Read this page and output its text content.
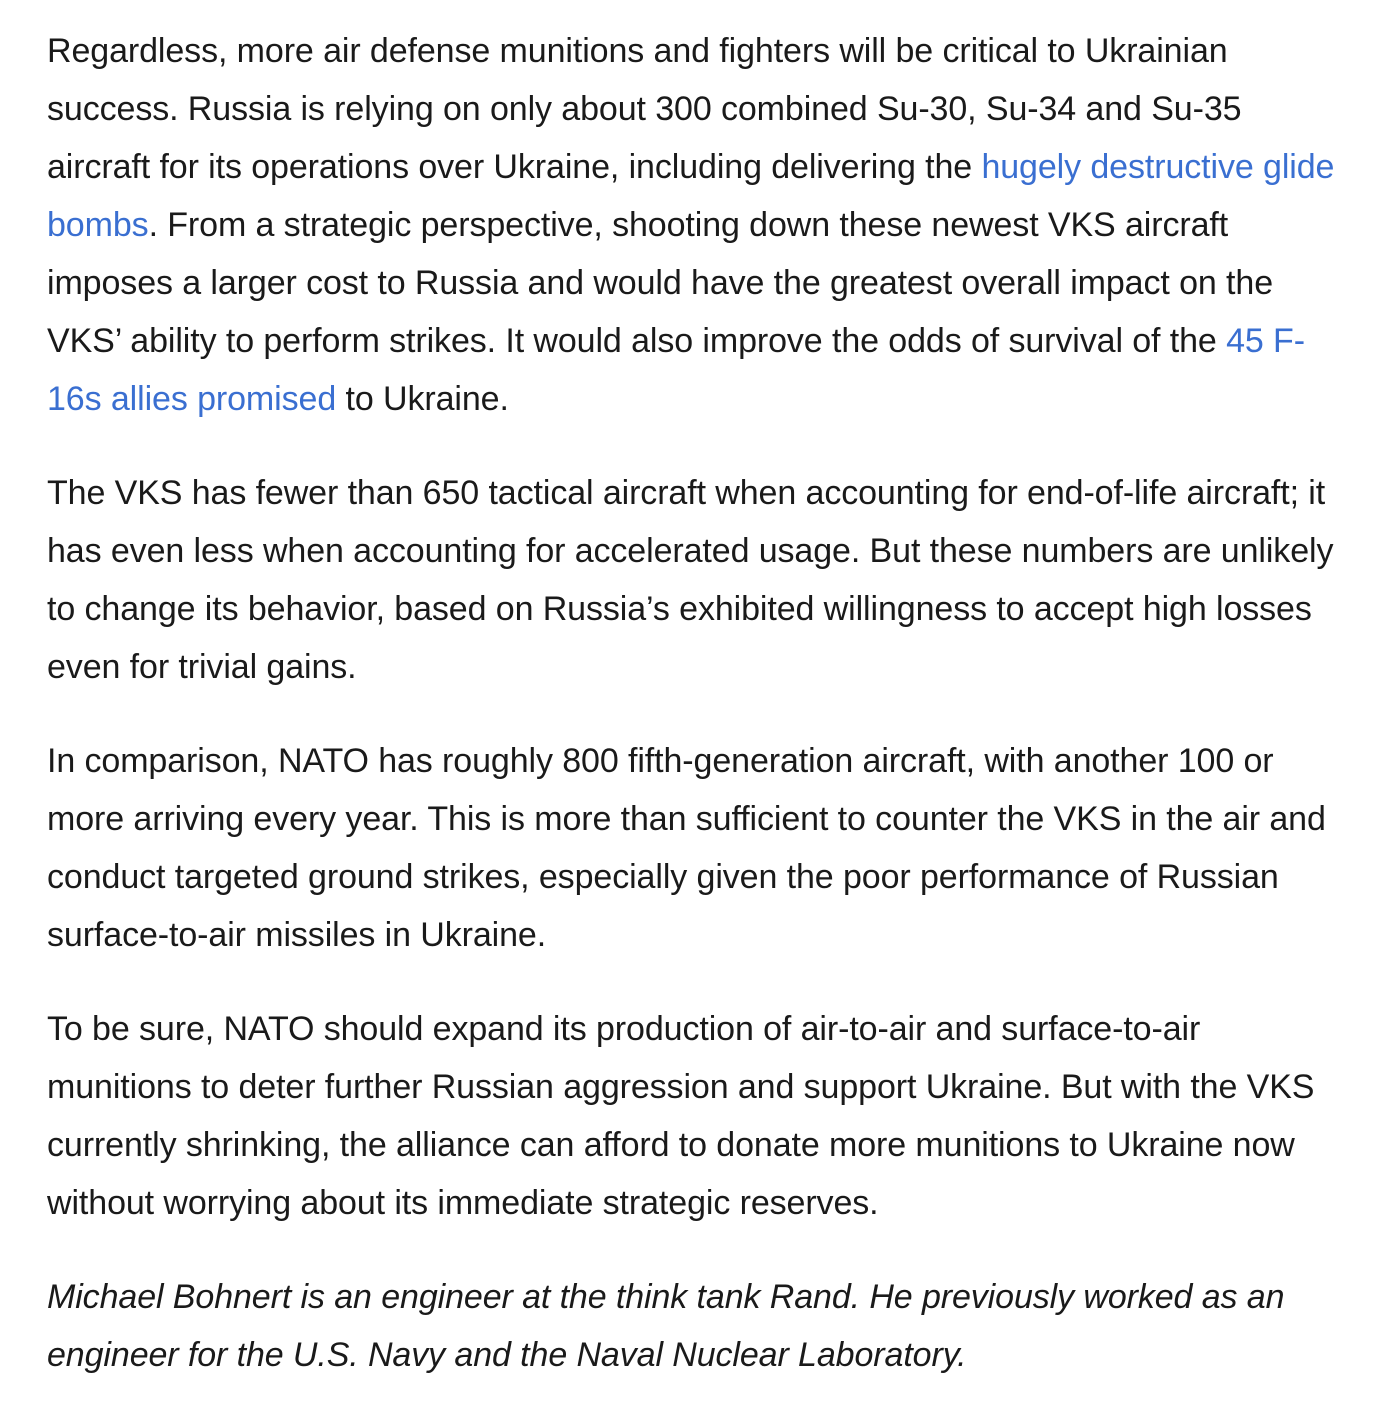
Regardless, more air defense munitions and fighters will be critical to Ukrainian success. Russia is relying on only about 300 combined Su-30, Su-34 and Su-35 aircraft for its operations over Ukraine, including delivering the hugely destructive glide bombs. From a strategic perspective, shooting down these newest VKS aircraft imposes a larger cost to Russia and would have the greatest overall impact on the VKS’ ability to perform strikes. It would also improve the odds of survival of the 45 F-16s allies promised to Ukraine.

The VKS has fewer than 650 tactical aircraft when accounting for end-of-life aircraft; it has even less when accounting for accelerated usage. But these numbers are unlikely to change its behavior, based on Russia’s exhibited willingness to accept high losses even for trivial gains.

In comparison, NATO has roughly 800 fifth-generation aircraft, with another 100 or more arriving every year. This is more than sufficient to counter the VKS in the air and conduct targeted ground strikes, especially given the poor performance of Russian surface-to-air missiles in Ukraine.

To be sure, NATO should expand its production of air-to-air and surface-to-air munitions to deter further Russian aggression and support Ukraine. But with the VKS currently shrinking, the alliance can afford to donate more munitions to Ukraine now without worrying about its immediate strategic reserves.

Michael Bohnert is an engineer at the think tank Rand. He previously worked as an engineer for the U.S. Navy and the Naval Nuclear Laboratory.
